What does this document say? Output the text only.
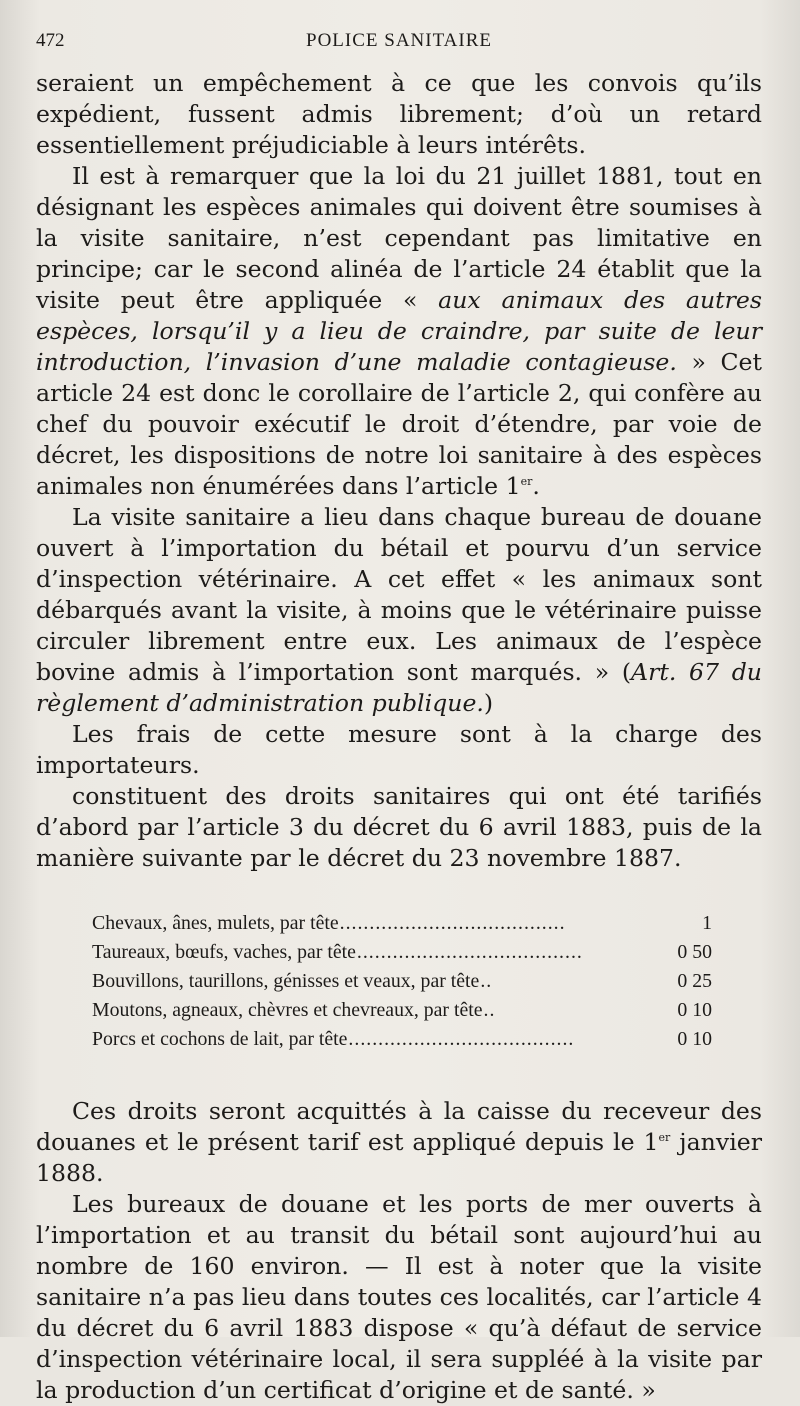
472	POLICE SANITAIRE

seraient un empêchement à ce que les convois qu’ils expédient, fussent admis librement; d’où un retard essentiellement préjudiciable à leurs intérêts.

Il est à remarquer que la loi du 21 juillet 1881, tout en désignant les espèces animales qui doivent être soumises à la visite sanitaire, n’est cependant pas limitative en principe; car le second alinéa de l’article 24 établit que la visite peut être appliquée « aux animaux des autres espèces, lorsqu’il y a lieu de craindre, par suite de leur introduction, l’invasion d’une maladie contagieuse. » Cet article 24 est donc le corollaire de l’article 2, qui confère au chef du pouvoir exécutif le droit d’étendre, par voie de décret, les dispositions de notre loi sanitaire à des espèces animales non énumérées dans l’article 1er.

La visite sanitaire a lieu dans chaque bureau de douane ouvert à l’importation du bétail et pourvu d’un service d’inspection vétérinaire. A cet effet « les animaux sont débarqués avant la visite, à moins que le vétérinaire puisse circuler librement entre eux. Les animaux de l’espèce bovine admis à l’importation sont marqués. » (Art. 67 du règlement d’administration publique.)

Les frais de cette mesure sont à la charge des importateurs.

constituent des droits sanitaires qui ont été tarifiés d’abord par l’article 3 du décret du 6 avril 1883, puis de la manière suivante par le décret du 23 novembre 1887.

Chevaux, ânes, mulets, par tête ......................................	1
Taureaux, bœufs, vaches, par tête ......................................	0 50
Bouvillons, taurillons, génisses et veaux, par tête ..	0 25
Moutons, agneaux, chèvres et chevreaux, par tête ..	0 10
Porcs et cochons de lait, par tête ......................................	0 10

Ces droits seront acquittés à la caisse du receveur des douanes et le présent tarif est appliqué depuis le 1er janvier 1888.

Les bureaux de douane et les ports de mer ouverts à l’importation et au transit du bétail sont aujourd’hui au nombre de 160 environ. — Il est à noter que la visite sanitaire n’a pas lieu dans toutes ces localités, car l’article 4 du décret du 6 avril 1883 dispose « qu’à défaut de service d’inspection vétérinaire local, il sera suppléé à la visite par la production d’un certificat d’origine et de santé. »
